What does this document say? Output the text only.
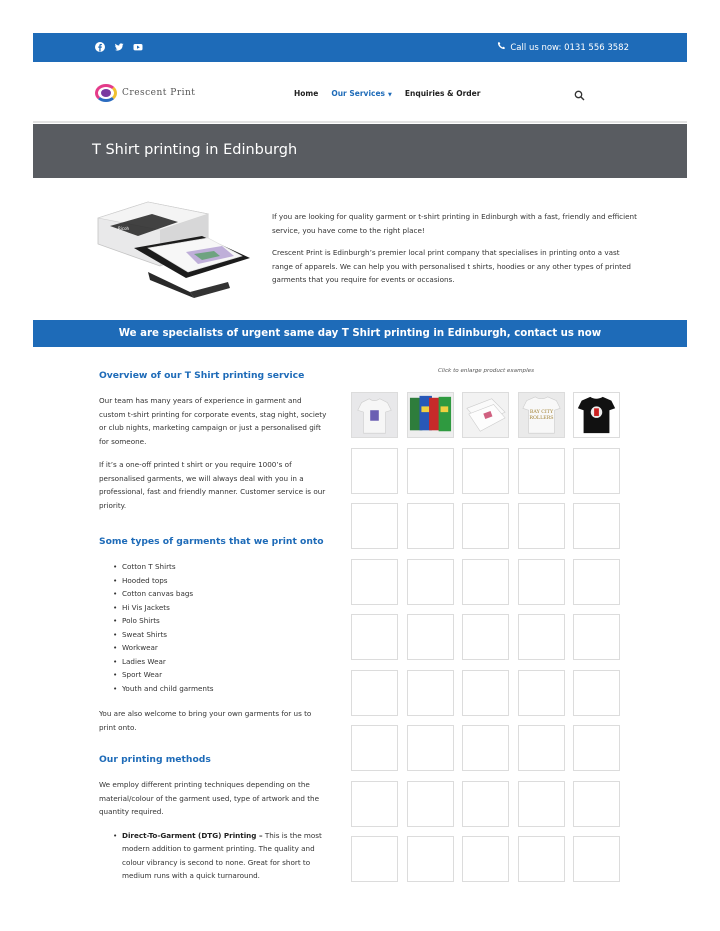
Call us now: 0131 556 3582
Crescent Print	Home Our Services ▼ Enquiries & Order
T Shirt printing in Edinburgh
Ricoh

If you are looking for quality garment or t-shirt printing in Edinburgh with a fast, friendly and efficient service, you have come to the right place!

Crescent Print is Edinburgh’s premier local print company that specialises in printing onto a vast range of apparels. We can help you with personalised t shirts, hoodies or any other types of printed garments that you require for events or occasions.

We are specialists of urgent same day T Shirt printing in Edinburgh, contact us now
Overview of our T Shirt printing service

Our team has many years of experience in garment and custom t-shirt printing for corporate events, stag night, society or club nights, marketing campaign or just a personalised gift for someone.

If it’s a one-off printed t shirt or you require 1000’s of personalised garments, we will always deal with you in a professional, fast and friendly manner. Customer service is our priority.

Some types of garments that we print onto
• Cotton T Shirts
• Hooded tops
• Cotton canvas bags
• Hi Vis Jackets
• Polo Shirts
• Sweat Shirts
• Workwear
• Ladies Wear
• Sport Wear
• Youth and child garments

You are also welcome to bring your own garments for us to print onto.

Our printing methods

We employ different printing techniques depending on the material/colour of the garment used, type of artwork and the quantity required.

• Direct-To-Garment (DTG) Printing – This is the most modern addition to garment printing. The quality and colour vibrancy is second to none. Great for short to medium runs with a quick turnaround.
Click to enlarge product examples
BAY CITY
ROLLERS
